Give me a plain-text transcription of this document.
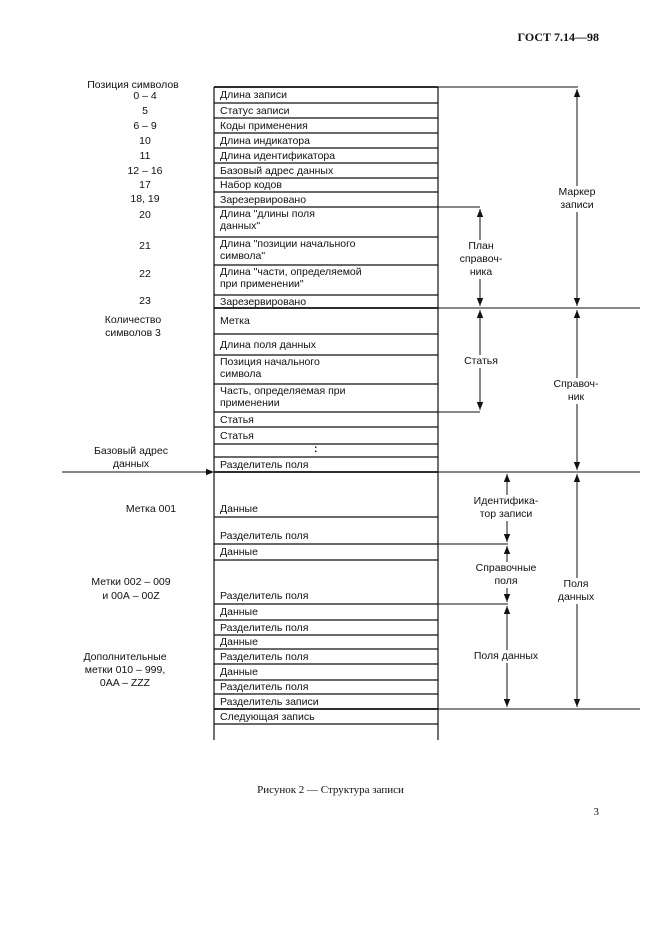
ГОСТ 7.14—98
Позиция символов
0 – 4
5
6 – 9
10
11
12 – 16
17
18, 19
20
21
22
23
Количество
символов 3
Базовый адрес
данных
Метка 001
Метки 002 – 009
и 00А – 00Z
Дополнительные
метки 010 – 999,
0AA – ZZZ
Длина записи
Статус записи
Коды применения
Длина индикатора
Длина идентификатора
Базовый адрес данных
Набор кодов
Зарезервировано
Длина "длины поля
данных"
Длина "позиции начального
символа"
Длина "части, определяемой
при применении"
Зарезервировано
Метка
Длина поля данных
Позиция начального
символа
Часть, определяемая при
применении
Статья
Статья
:
Разделитель поля
Данные
Разделитель поля
Данные
Разделитель поля
Данные
Разделитель поля
Данные
Разделитель поля
Данные
Разделитель поля
Разделитель записи
Следующая запись
Маркер
записи
План
справоч-
ника
Статья
Справоч-
ник
Идентифика-
тор записи
Справочные
поля
Поля данных
Поля
данных
Рисунок 2 — Структура записи
3
